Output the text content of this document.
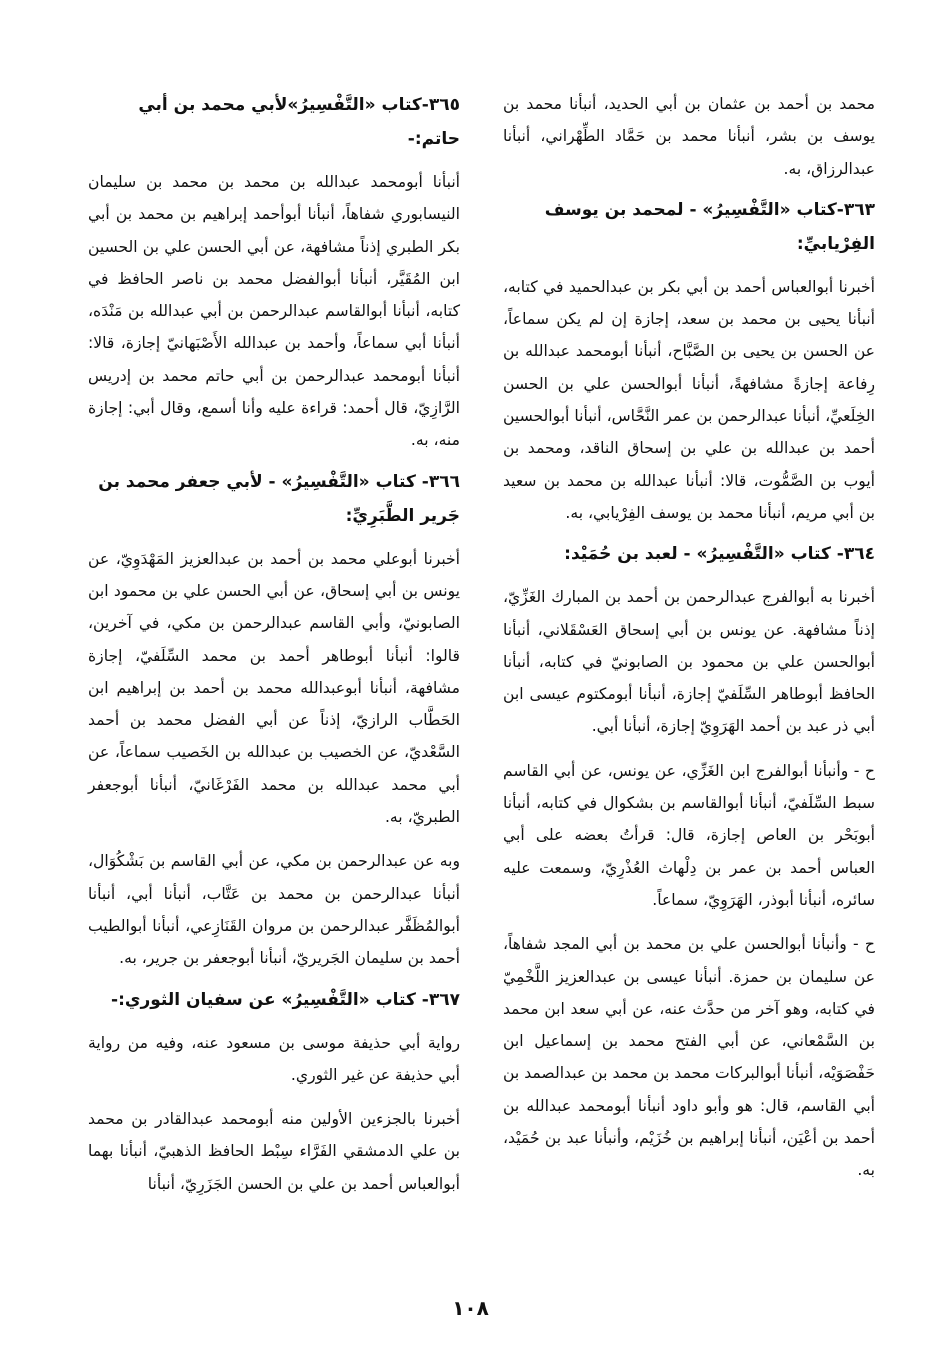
محمد بن أحمد بن عثمان بن أبي الحديد، أنبأنا محمد بن يوسف بن بشر، أنبأنا محمد بن حَمَّاد الطِّهْراني، أنبأنا عبدالرزاق، به.

٣٦٣-كتاب «التَّفْسِيرُ» - لمحمد بن يوسف الفِرْيابيِّ:

أخبرنا أبوالعباس أحمد بن أبي بكر بن عبدالحميد في كتابه، أنبأنا يحيى بن محمد بن سعد، إجازة إن لم يكن سماعاً، عن الحسن بن يحيى بن الصَّبَّاح، أنبأنا أبومحمد عبدالله بن رِفاعة إجازةً مشافهةً، أنبأنا أبوالحسن علي بن الحسن الخِلَعيِّ، أنبأنا عبدالرحمن بن عمر النَّحَّاس، أنبأنا أبوالحسين أحمد بن عبدالله بن علي بن إسحاق الناقد، ومحمد بن أيوب بن الصَّمُّوت، قالا: أنبأنا عبدالله بن محمد بن سعيد بن أبي مريم، أنبأنا محمد بن يوسف الفِرْيابي، به.

٣٦٤- كتاب «التَّفْسِيرُ» - لعبد بن حُمَيْد:

أخبرنا به أبوالفرج عبدالرحمن بن أحمد بن المبارك الغَزِّيّ، إذناً مشافهة. عن يونس بن أبي إسحاق العَسْقَلاني، أنبأنا أبوالحسن علي بن محمود بن الصابونيّ في كتابه، أنبأنا الحافظ أبوطاهر السِّلَفيّ إجازة، أنبأنا أبومكتوم عيسى ابن أبي ذر عبد بن أحمد الهَرَوِيّ إجازة، أنبأنا أبي.

ح - وأنبأنا أبوالفرج ابن الغَزِّي، عن يونس، عن أبي القاسم سبط السِّلَفيّ، أنبأنا أبوالقاسم بن بشكوال في كتابه، أنبأنا أبوبَحْر بن العاص إجازة، قال: قرأتُ بعضه على أبي العباس أحمد بن عمر بن دِلْهاث العُذْرِيّ، وسمعت عليه سائره، أنبأنا أبوذر، الهَرَوِيّ، سماعاً.

ح - وأنبأنا أبوالحسن علي بن محمد بن أبي المجد شفاهاً، عن سليمان بن حمزة. أنبأنا عيسى بن عبدالعزيز اللَّخْمِيّ في كتابه، وهو آخر من حدَّث عنه، عن أبي سعد ابن محمد بن السَّمْعاني، عن أبي الفتح محمد بن إسماعيل ابن حَفْصَوَيْه، أنبأنا أبوالبركات محمد بن محمد بن عبدالصمد بن أبي القاسم، قال: هو وأبو داود أنبأنا أبومحمد عبدالله بن أحمد بن أعْيَن، أنبأنا إبراهيم بن خُزَيْم، وأنبأنا عبد بن حُمَيْد، به.

٣٦٥-كتاب «التَّفْسِيرُ»لأبي محمد بن أبي حاتم:-

أنبأنا أبومحمد عبدالله بن محمد بن محمد بن سليمان النيسابوري شفاهاً، أنبأنا أبوأحمد إبراهيم بن محمد بن أبي بكر الطبري إذناً مشافهة، عن أبي الحسن علي بن الحسين ابن المُقَيَّر، أنبأنا أبوالفضل محمد بن ناصر الحافظ في كتابه، أنبأنا أبوالقاسم عبدالرحمن بن أبي عبدالله بن مَنْدَه، أنبأنا أبي سماعاً، وأحمد بن عبدالله الأَصْبَهانيّ إجازة، قالا: أنبأنا أبومحمد عبدالرحمن بن أبي حاتم محمد بن إدريس الرَّازِيّ، قال أحمد: قراءة عليه وأنا أسمع، وقال أبي: إجازة منه، به.

٣٦٦- كتاب «التَّفْسِيرُ» - لأبي جعفر محمد بن جَرير الطَّبَرِيِّ:

أخبرنا أبوعلي محمد بن أحمد بن عبدالعزيز المَهْدَوِيّ، عن يونس بن أبي إسحاق، عن أبي الحسن علي بن محمود ابن الصابونيّ، وأبي القاسم عبدالرحمن بن مكي، في آخرين، قالوا: أنبأنا أبوطاهر أحمد بن محمد السِّلَفيّ، إجازة مشافهة، أنبأنا أبوعبدالله محمد بن أحمد بن إبراهيم ابن الحَطَّاب الرازيّ، إذناً عن أبي الفضل محمد بن أحمد السَّعْديّ، عن الخصيب بن عبدالله بن الخَصيب سماعاً، عن أبي محمد عبدالله بن محمد الفَرْغَانيّ، أنبأنا أبوجعفر الطبريّ، به.

وبه عن عبدالرحمن بن مكي، عن أبي القاسم بن بَشْكُوَال، أنبأنا عبدالرحمن بن محمد بن عَتَّاب، أنبأنا أبي، أنبأنا أبوالمُظَفَّر عبدالرحمن بن مروان القَنَازِعي، أنبأنا أبوالطيب أحمد بن سليمان الجَريريّ، أنبأنا أبوجعفر بن جرير، به.

٣٦٧- كتاب «التَّفْسِيرُ» عن سفيان الثوري:-

رواية أبي حذيفة موسى بن مسعود عنه، وفيه من رواية أبي حذيفة عن غير الثوري.

أخبرنا بالجزءين الأولين منه أبومحمد عبدالقادر بن محمد بن علي الدمشقي الفَرَّاء سِبْط الحافظ الذهبيّ، أنبأنا بهما أبوالعباس أحمد بن علي بن الحسن الجَزَرِيّ، أنبأنا

١٠٨
